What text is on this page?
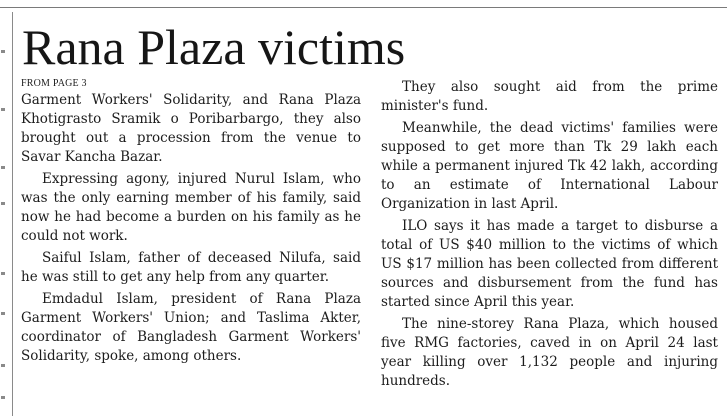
Rana Plaza victims
FROM PAGE 3

Garment Workers' Solidarity, and Rana Plaza Khotigrasto Sramik o Poribarbargo, they also brought out a procession from the venue to Savar Kancha Bazar.

Expressing agony, injured Nurul Islam, who was the only earning member of his family, said now he had become a burden on his family as he could not work.

Saiful Islam, father of deceased Nilufa, said he was still to get any help from any quarter.

Emdadul Islam, president of Rana Plaza Garment Workers' Union; and Taslima Akter, coordinator of Bangladesh Garment Workers' Solidarity, spoke, among others.

They also sought aid from the prime minister's fund.

Meanwhile, the dead victims' families were supposed to get more than Tk 29 lakh each while a permanent injured Tk 42 lakh, according to an estimate of International Labour Organization in last April.

ILO says it has made a target to disburse a total of US $40 million to the victims of which US $17 million has been collected from different sources and disbursement from the fund has started since April this year.

The nine-storey Rana Plaza, which housed five RMG factories, caved in on April 24 last year killing over 1,132 people and injuring hundreds.
